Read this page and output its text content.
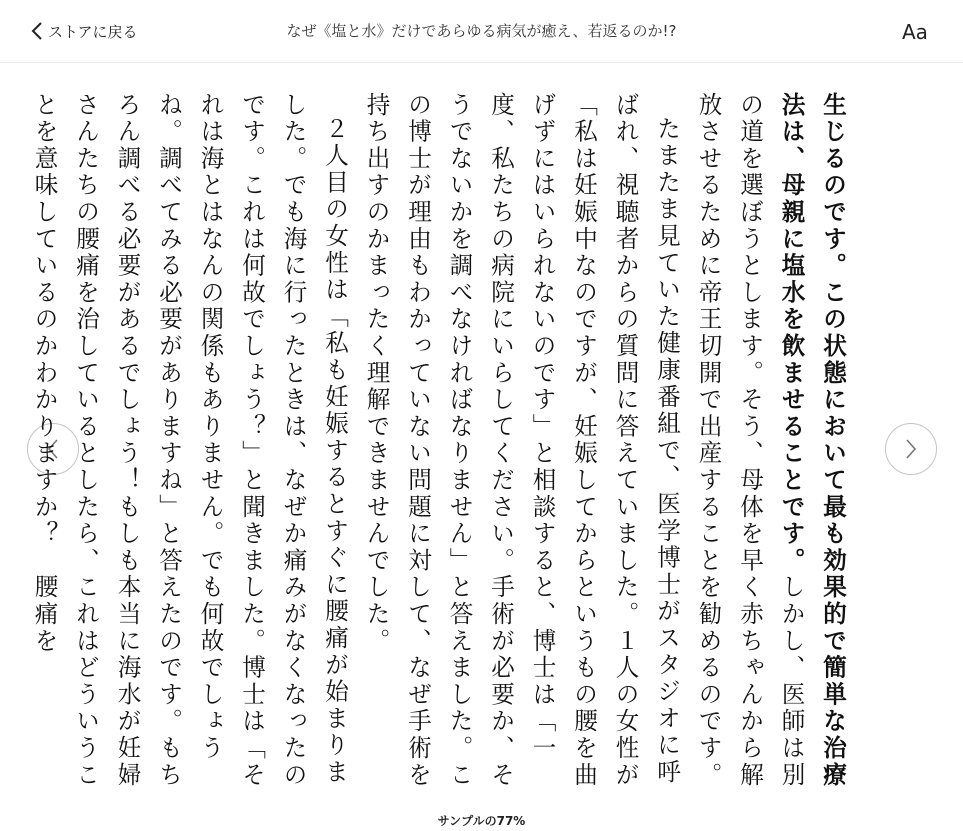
ストアに戻る	なぜ《塩と水》だけであらゆる病気が癒え、若返るのか!?	Aa

生じるのです。この状態において最も効果的で簡単な治療法は、母親に塩水を飲ませることです。しかし、医師は別の道を選ぼうとします。そう、母体を早く赤ちゃんから解放させるために帝王切開で出産することを勧めるのです。

たまたま見ていた健康番組で、医学博士がスタジオに呼ばれ、視聴者からの質問に答えていました。１人の女性が「私は妊娠中なのですが、妊娠してからというもの腰を曲げずにはいられないのです」と相談すると、博士は「一度、私たちの病院にいらしてください。手術が必要か、そうでないかを調べなければなりません」と答えました。この博士が理由もわかっていない問題に対して、なぜ手術を持ち出すのかまったく理解できませんでした。

２人目の女性は「私も妊娠するとすぐに腰痛が始まりました。でも海に行ったときは、なぜか痛みがなくなったのです。これは何故でしょう？」と聞きました。博士は「それは海とはなんの関係もありません。でも何故でしょうね。調べてみる必要がありますね」と答えたのです。もちろん調べる必要があるでしょう！もしも本当に海水が妊婦さんたちの腰痛を治しているとしたら、これはどういうことを意味しているのかわかりますか？　腰痛を

サンプルの77%
